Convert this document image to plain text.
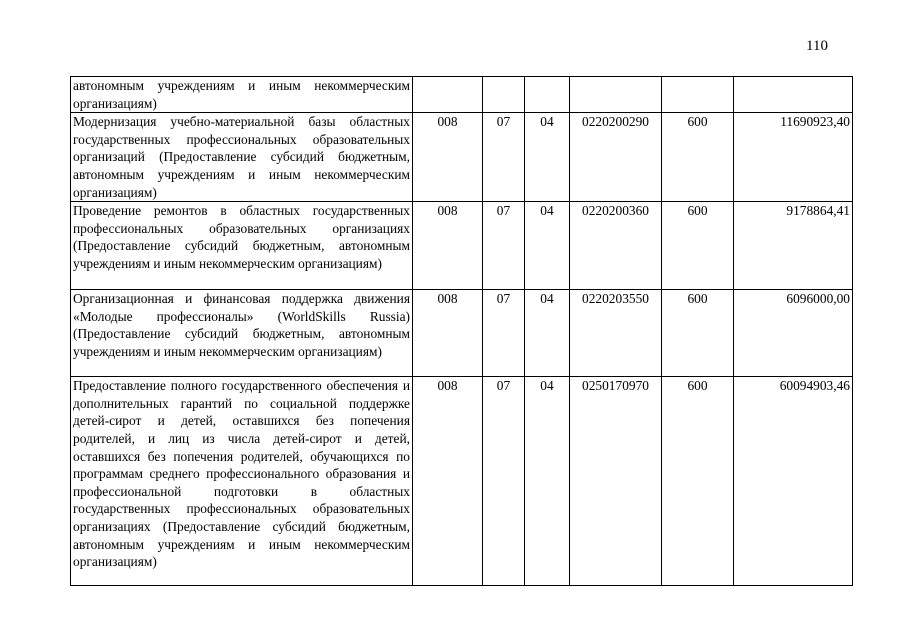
110
автономным учреждениям и иным некоммерческим организациям)						
Модернизация учебно-материальной базы областных государственных профессиональных образовательных организаций (Предоставление субсидий бюджетным, автономным учреждениям и иным некоммерческим организациям)	008	07	04	0220200290	600	11690923,40
Проведение ремонтов в областных государственных профессиональных образовательных организациях (Предоставление субсидий бюджетным, автономным учреждениям и иным некоммерческим организациям)	008	07	04	0220200360	600	9178864,41
Организационная и финансовая поддержка движения «Молодые профессионалы» (WorldSkills Russia) (Предоставление субсидий бюджетным, автономным учреждениям и иным некоммерческим организациям)	008	07	04	0220203550	600	6096000,00
Предоставление полного государственного обеспечения и дополнительных гарантий по социальной поддержке детей-сирот и детей, оставшихся без попечения родителей, и лиц из числа детей-сирот и детей, оставшихся без попечения родителей, обучающихся по программам среднего профессионального образования и профессиональной подготовки в областных государственных профессиональных образовательных организациях (Предоставление субсидий бюджетным, автономным учреждениям и иным некоммерческим организациям)	008	07	04	0250170970	600	60094903,46
